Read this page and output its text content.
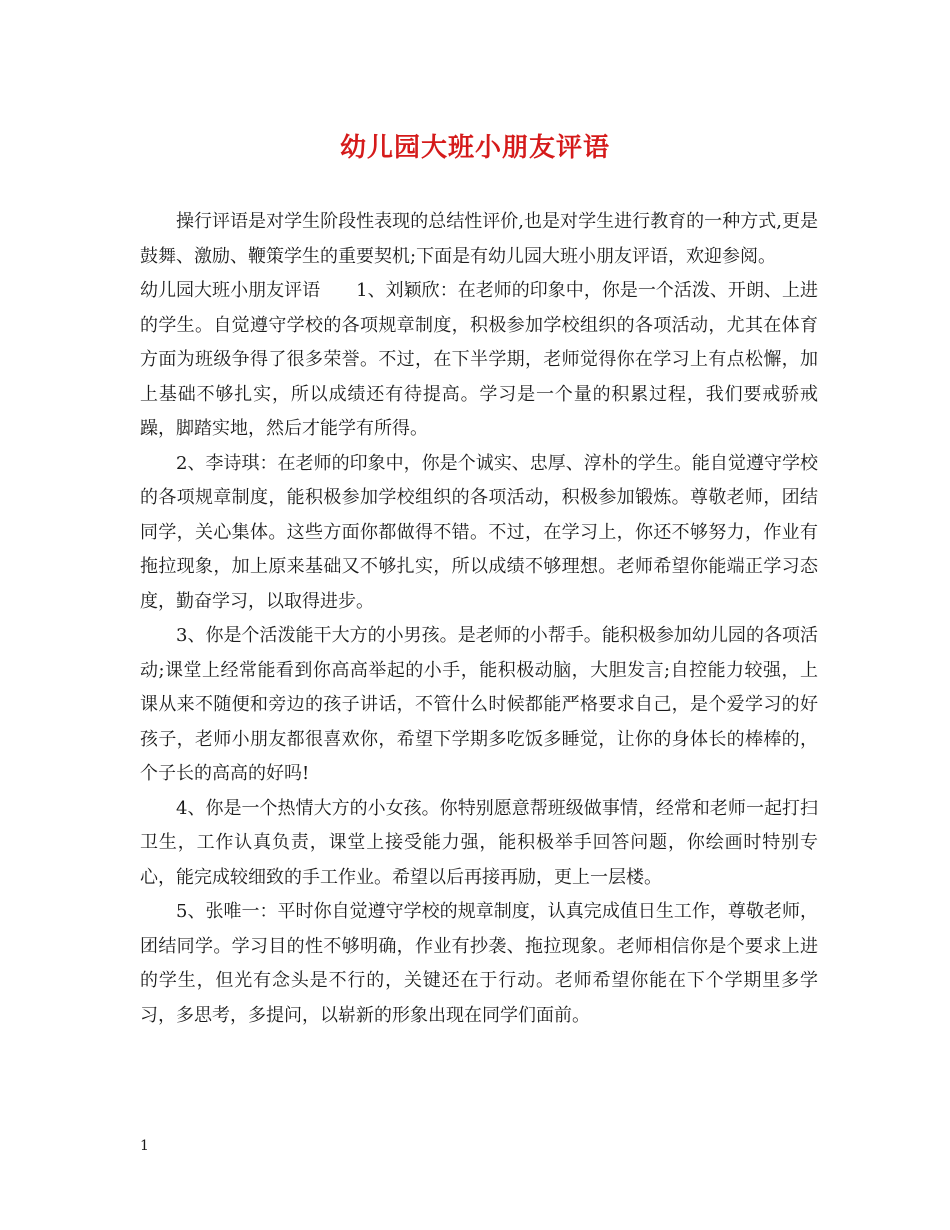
幼儿园大班小朋友评语

操行评语是对学生阶段性表现的总结性评价,也是对学生进行教育的一种方式,更是鼓舞、激励、鞭策学生的重要契机;下面是有幼儿园大班小朋友评语，欢迎参阅。

幼儿园大班小朋友评语　　1、刘颖欣：在老师的印象中，你是一个活泼、开朗、上进的学生。自觉遵守学校的各项规章制度，积极参加学校组织的各项活动，尤其在体育方面为班级争得了很多荣誉。不过，在下半学期，老师觉得你在学习上有点松懈，加上基础不够扎实，所以成绩还有待提高。学习是一个量的积累过程，我们要戒骄戒躁，脚踏实地，然后才能学有所得。

2、李诗琪：在老师的印象中，你是个诚实、忠厚、淳朴的学生。能自觉遵守学校的各项规章制度，能积极参加学校组织的各项活动，积极参加锻炼。尊敬老师，团结同学，关心集体。这些方面你都做得不错。不过，在学习上，你还不够努力，作业有拖拉现象，加上原来基础又不够扎实，所以成绩不够理想。老师希望你能端正学习态度，勤奋学习，以取得进步。

3、你是个活泼能干大方的小男孩。是老师的小帮手。能积极参加幼儿园的各项活动;课堂上经常能看到你高高举起的小手，能积极动脑，大胆发言;自控能力较强，上课从来不随便和旁边的孩子讲话，不管什么时候都能严格要求自己，是个爱学习的好孩子，老师小朋友都很喜欢你，希望下学期多吃饭多睡觉，让你的身体长的棒棒的，个子长的高高的好吗!

4、你是一个热情大方的小女孩。你特别愿意帮班级做事情，经常和老师一起打扫卫生，工作认真负责，课堂上接受能力强，能积极举手回答问题，你绘画时特别专心，能完成较细致的手工作业。希望以后再接再励，更上一层楼。

5、张唯一：平时你自觉遵守学校的规章制度，认真完成值日生工作，尊敬老师，团结同学。学习目的性不够明确，作业有抄袭、拖拉现象。老师相信你是个要求上进的学生，但光有念头是不行的，关键还在于行动。老师希望你能在下个学期里多学习，多思考，多提问，以崭新的形象出现在同学们面前。

1
